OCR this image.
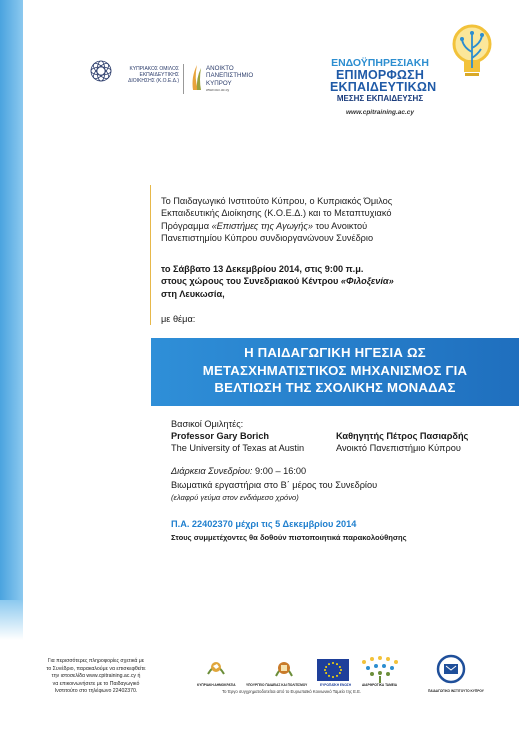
ΚΥΠΡΙΑΚΟΣ ΟΜΙΛΟΣ ΕΚΠΑΙΔΕΥΤΙΚΗΣ ΔΙΟΙΚΗΣΗΣ (Κ.Ο.Ε.Δ.)
ΑΝΟΙΚΤΟ ΠΑΝΕΠΙΣΤΗΜΙΟ ΚΥΠΡΟΥ
www.ouc.ac.cy
ΕΝΔΟΫΠΗΡΕΣΙΑΚΗ
ΕΠΙΜΟΡΦΩΣΗ
ΕΚΠΑΙΔΕΥΤΙΚΩΝ
ΜΕΣΗΣ ΕΚΠΑΙΔΕΥΣΗΣ
www.cpitraining.ac.cy
Το Παιδαγωγικό Ινστιτούτο Κύπρου, ο Κυπριακός Όμιλος
Εκπαιδευτικής Διοίκησης (Κ.Ο.Ε.Δ.) και το Μεταπτυχιακό
Πρόγραμμα «Επιστήμες της Αγωγής» του Ανοικτού
Πανεπιστημίου Κύπρου συνδιοργανώνουν Συνέδριο
το Σάββατο 13 Δεκεμβρίου 2014, στις 9:00 π.μ.
στους χώρους του Συνεδριακού Κέντρου «Φιλοξενία»
στη Λευκωσία,
με θέμα:
Η ΠΑΙΔΑΓΩΓΙΚΗ ΗΓΕΣΙΑ ΩΣ
ΜΕΤΑΣΧΗΜΑΤΙΣΤΙΚΟΣ ΜΗΧΑΝΙΣΜΟΣ ΓΙΑ
ΒΕΛΤΙΩΣΗ ΤΗΣ ΣΧΟΛΙΚΗΣ ΜΟΝΑΔΑΣ
Βασικοί Ομιλητές:
Professor Gary Borich
The University of Texas at Austin
Καθηγητής Πέτρος Πασιαρδής
Ανοικτό Πανεπιστήμιο Κύπρου
Διάρκεια Συνεδρίου: 9:00 – 16:00
Βιωματικά εργαστήρια στο Β΄ μέρος του Συνεδρίου
(ελαφρύ γεύμα στον ενδιάμεσο χρόνο)
Π.Α. 22402370 μέχρι τις 5 Δεκεμβρίου 2014
Στους συμμετέχοντες θα δοθούν πιστοποιητικά παρακολούθησης
Για περισσότερες πληροφορίες σχετικά με
το Συνέδριο, παρακαλούμε να επισκεφθείτε
την ιστοσελίδα www.cpitraining.ac.cy ή
να επικοινωνήσετε με το Παιδαγωγικό
Ινστιτούτο στο τηλέφωνο 22402370.
ΚΥΠΡΙΑΚΗ ΔΗΜΟΚΡΑΤΙΑ	ΥΠΟΥΡΓΕΙΟ ΠΑΙΔΕΙΑΣ ΚΑΙ ΠΟΛΙΤΙΣΜΟΥ	ΕΥΡΩΠΑΪΚΗ ΕΝΩΣΗ	ΔΙΑΡΘΡΩΤΙΚΑ ΤΑΜΕΙΑ
ΠΑΙΔΑΓΩΓΙΚΟ ΙΝΣΤΙΤΟΥΤΟ ΚΥΠΡΟΥ
Το Έργο συγχρηματοδοτείται από το Ευρωπαϊκό Κοινωνικό Ταμείο της Ε.Ε.
